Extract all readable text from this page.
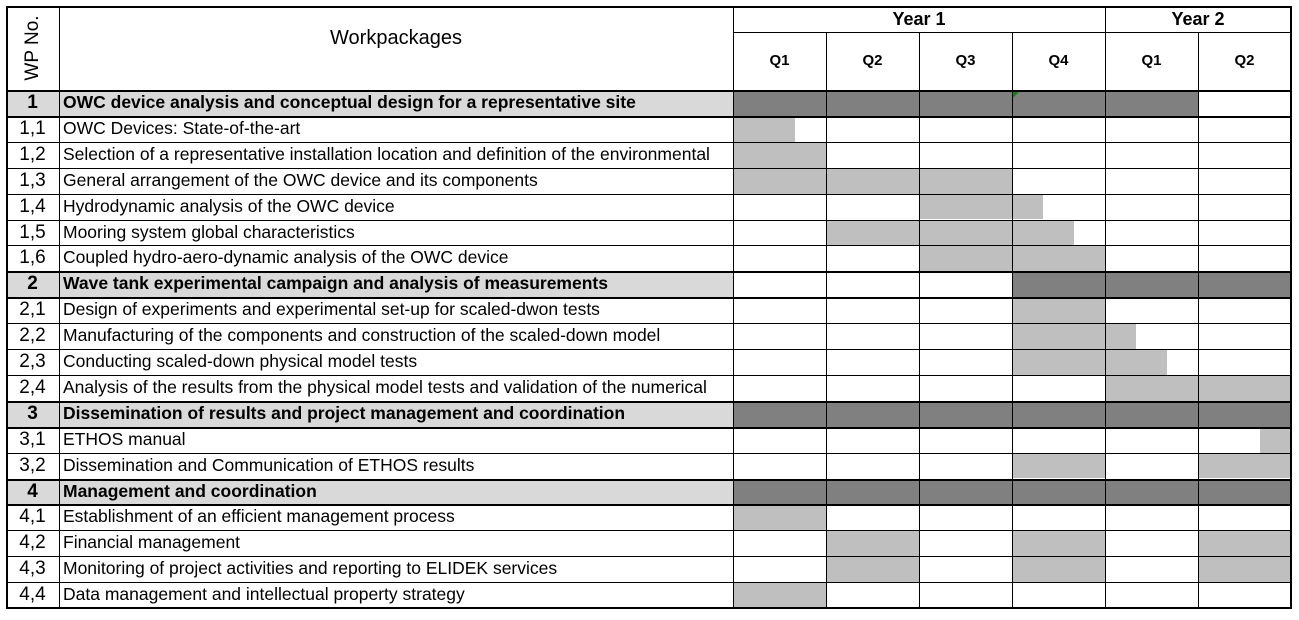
WP No.	Workpackages
Year 1
Q1	Q2	Q3	Q4
Year 2
Q1	Q2
1	OWC device analysis and conceptual design for a representative site
1,1 OWC Devices: State-of-the-art
1,2 Selection of a representative installation location and definition of the environmental
1,3 General arrangement of the OWC device and its components
1,4 Hydrodynamic analysis of the OWC device
1,5 Mooring system global characteristics
1,6 Coupled hydro-aero-dynamic analysis of the OWC device
2	Wave tank experimental campaign and analysis of measurements
2,1 Design of experiments and experimental set-up for scaled-dwon tests
2,2 Manufacturing of the components and construction of the scaled-down model
2,3 Conducting scaled-down physical model tests
2,4 Analysis of the results from the physical model tests and validation of the numerical
3	Dissemination of results and project management and coordination
3,1 ETHOS manual
3,2 Dissemination and Communication of ETHOS results
4	Management and coordination
4,1 Establishment of an efficient management process
4,2 Financial management
4,3 Monitoring of project activities and reporting to ELIDEK services
4,4 Data management and intellectual property strategy
